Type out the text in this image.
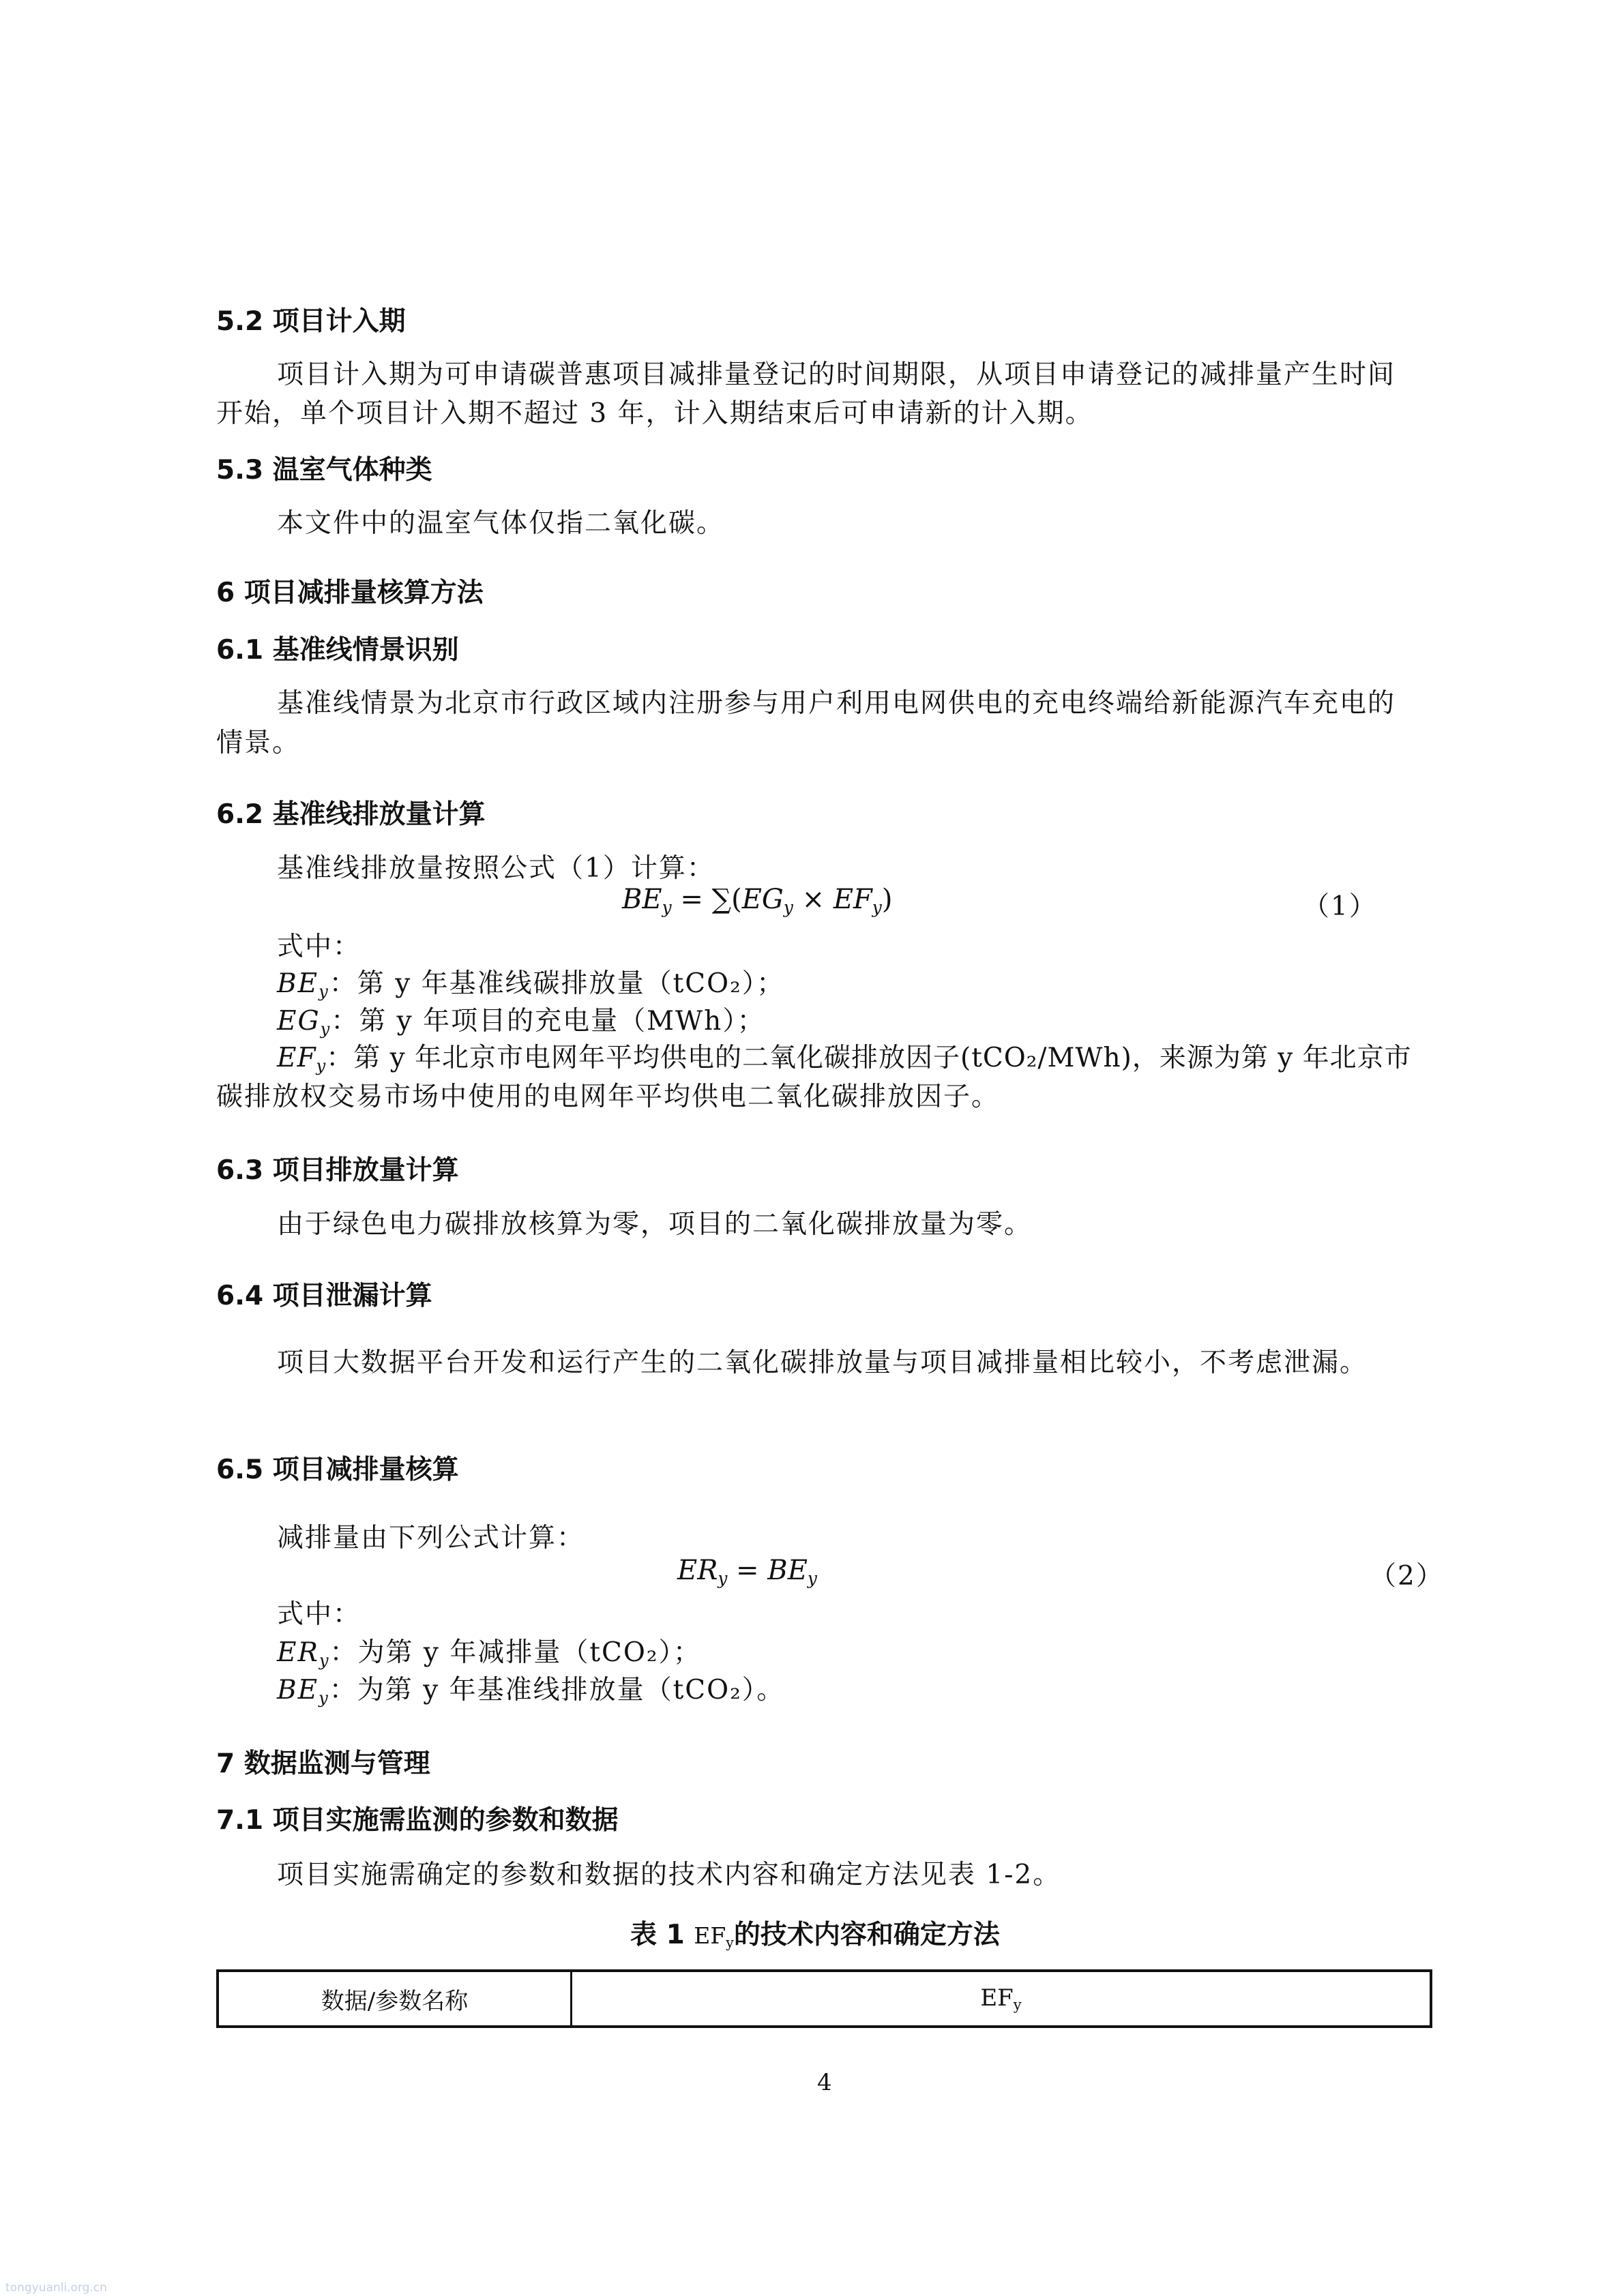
5.2 项目计入期
项目计入期为可申请碳普惠项目减排量登记的时间期限，从项目申请登记的减排量产生时间
开始，单个项目计入期不超过 3 年，计入期结束后可申请新的计入期。
5.3 温室气体种类
本文件中的温室气体仅指二氧化碳。
6 项目减排量核算方法
6.1 基准线情景识别
基准线情景为北京市行政区域内注册参与用户利用电网供电的充电终端给新能源汽车充电的
情景。
6.2 基准线排放量计算
基准线排放量按照公式（1）计算：
$BE_y = \sum(EG_y \times EF_y)$	（1）
式中：
$BE_y$：第 y 年基准线碳排放量（tCO₂）；
$EG_y$：第 y 年项目的充电量（MWh）；
$EF_y$：第 y 年北京市电网年平均供电的二氧化碳排放因子(tCO₂/MWh)，来源为第 y 年北京市
碳排放权交易市场中使用的电网年平均供电二氧化碳排放因子。
6.3 项目排放量计算
由于绿色电力碳排放核算为零，项目的二氧化碳排放量为零。
6.4 项目泄漏计算
项目大数据平台开发和运行产生的二氧化碳排放量与项目减排量相比较小，不考虑泄漏。
6.5 项目减排量核算
减排量由下列公式计算：
$ER_y = BE_y$	（2）
式中：
$ER_y$：为第 y 年减排量（tCO₂）；
$BE_y$：为第 y 年基准线排放量（tCO₂）。
7 数据监测与管理
7.1 项目实施需监测的参数和数据
项目实施需确定的参数和数据的技术内容和确定方法见表 1-2。
表 1 $EF_y$的技术内容和确定方法
数据/参数名称	$EF_y$
4
tongyuanli.org.cn
